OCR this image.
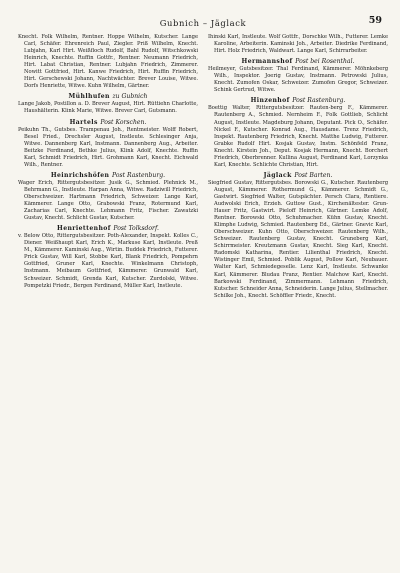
Gubnich – Jäglack	59

Knecht. Folk Wilhelm, Rentner. Hoppe Wilhelm, Kutscher. Lange Carl, Schäfer. Ehrenreich Paul, Ziegler. Priß Wilhelm, Knecht. Lubjahn, Karl Hirt. Weißfloch Rudolf, Bahl Rudolf, Witschkowski Heinrich, Knechte. Ruffin Gottfr., Rentner. Neumann Friedrich, Hirt. Labat Christian, Rentner. Lubjahn Friedrich, Zimmerer. Nowitt Gottfried, Hirt. Kanwe Friedrich, Hirt. Ruffin Friedrich, Hirt. Gerschewski Johann, Nachtwächter. Brever Louise, Witwe. Dorfs Henriette, Witwe. Kuhn Wilhelm, Gärtner.

Mühlhufen zu Gubnich

Lange Jakob, Postillon a. D. Brever August, Hirt. Rüttiehn Charlotte, Haushälterin. Klink Marie, Witwe. Brever Carl, Gutsmann.

Hartels Post Korschen.

Peikuhn Th., Gutsbes. Trampenau Joh., Rentmeister. Wolff Robert, Besel Fried., Drechsler August, Instleute. Schlesinger Anja, Witwe. Dannenberg Karl, Instmann. Dannenberg Aug., Arbeiter. Beitzke Ferdinand, Bethke Julius, Klink Adolf, Knechte. Ruffin Karl, Schmidt Friedrich, Hirt. Grohmann Karl, Knecht. Eichwald Wilh., Rentner.

Heinrichshöfen Post Rastenburg.

Wager Erich, Rittergutsbesitzer. Jusik G., Schmied. Plehnick M., Behrmann G., Instleute. Harpan Anna, Witwe. Radziwill Friedrich, Oberschweizer. Hartmann Friedrich, Schweizer. Lange Karl, Kämmerer. Lange Otto, Grabowski Franz, Rotermund Karl, Zacharias Carl, Knechte. Lehmann Fritz, Fischer. Zawatzki Gustav, Knecht. Schlicht Gustav, Kutscher.

Henriettenhof Post Tolksdorf.

v. Below Otto, Rittergutsbesitzer. Poth-Alexander, Inspekt. Kolles C., Diener. Weißhaupt Karl, Erich K., Markuse Karl, Instleute. Preß M., Kämmerer. Kaminski Aug., Wirtin. Buddek Friedrich, Futterer. Prick Gustav, Will Karl, Stobbe Karl, Blank Friedrich, Pompehrn Gottfried, Gruner Karl, Knechte. Winkelmann Christoph, Instmann. Meibaum Gottfried, Kämmerer. Grunwald Karl, Schweizer. Schmidt, Grenda Karl, Kutscher. Zurdolski, Witwe. Pompetzki Friedr., Bergen Ferdinand, Müller Karl, Instleute.

Ihinski Karl, Instleute. Wolf Gottfr., Dorschke Wilh., Futterer. Lemke Karoline, Arbeiterin. Kaminski Joh., Arbeiter. Diedrike Ferdinand, Hirt. Holz Friedrich, Waldwart. Lange Karl, Schirrarbeiter.

Hermannshof Post bei Rosenthal.

Heilmeyer, Gutsbesitzer. Thal Ferdinand, Kämmerer. Möhnkeberg Wilh., Inspektor. Joerig Gustav, Instmann. Petrowski Julius, Knecht. Zumofen Oskar, Schweizer. Zumofen Gregor, Schweizer. Schink Gertrud, Witwe.

Hinzenhof Post Rastenburg.

Boettig Walter, Rittergutsbesitzer. Rauten-berg F., Kämmerer. Rautenberg A., Schmied. Nernheim F., Folk Gottlieb, Schlicht August, Instleute. Magdeburg Johann, Deputant. Pick O., Schäfer. Nickel F., Kutscher. Konrad Aug., Hausdame. Trenz Friedrich, Inspekt. Rautenberg Friedrich, Knecht. Matthe Ludwig, Futterer. Grabke Rudolf Hirt. Kosjak Gustav, Instm. Schönfeld Franz, Knecht. Kirstein Joh., Deput. Kosjak Hermann, Knecht. Borchert Friedrich, Oberbrenner. Kullina August, Ferdinand Karl, Lorzynka Karl, Knechte. Schlichte Christian, Hirt.

Jäglack Post Barten.

Siegfried Gustav, Rittergutsbes. Borowski G., Kutscher. Rautenberg August, Kämmerer. Rothermund G., Kämmerer. Schmidt G., Gastwirt. Siegfried Walter, Gutspächter. Persch Clara, Rentiere. Audwolski Erich, Erzieh. Guttow Gust., Kirchenältester. Grun-Hauer Fritz, Gastwirt. Pieloff Heinrich, Gärtner. Lemke Adolf, Rentner. Borowski Otto, Schuhmacher. Kühn Gustav, Knecht. Klimphe Ludwig, Schmied. Rautenberg Ed., Gärtner. Gnevic Karl, Oberschweizer. Kuhn Otto, Oberschweizer. Rautenberg Wilh., Schweizer. Rautenberg Gustav, Knecht. Gruneberg Karl, Schirrmeister. Kreutzmann Gustav, Knecht. Sieg Karl, Knecht. Radomski Katharina, Rentier. Lilienthal Friedrich, Knecht. Wistinger Emil, Schmied. Poblik August, Pollow Karl, Neubauer. Walter Karl, Schmiedegeselle. Lenz Karl, Instleute. Schwanke Karl, Kämmerer. Bludau Franz, Rentier. Malchow Karl, Knecht. Barkowski Ferdinand, Zimmermann. Lehmann Friedrich, Kutscher. Schneider Anna, Schneiderin. Lange Julius, Stellmacher. Schilke Joh., Knecht. Schöffler Friedr., Knecht.
